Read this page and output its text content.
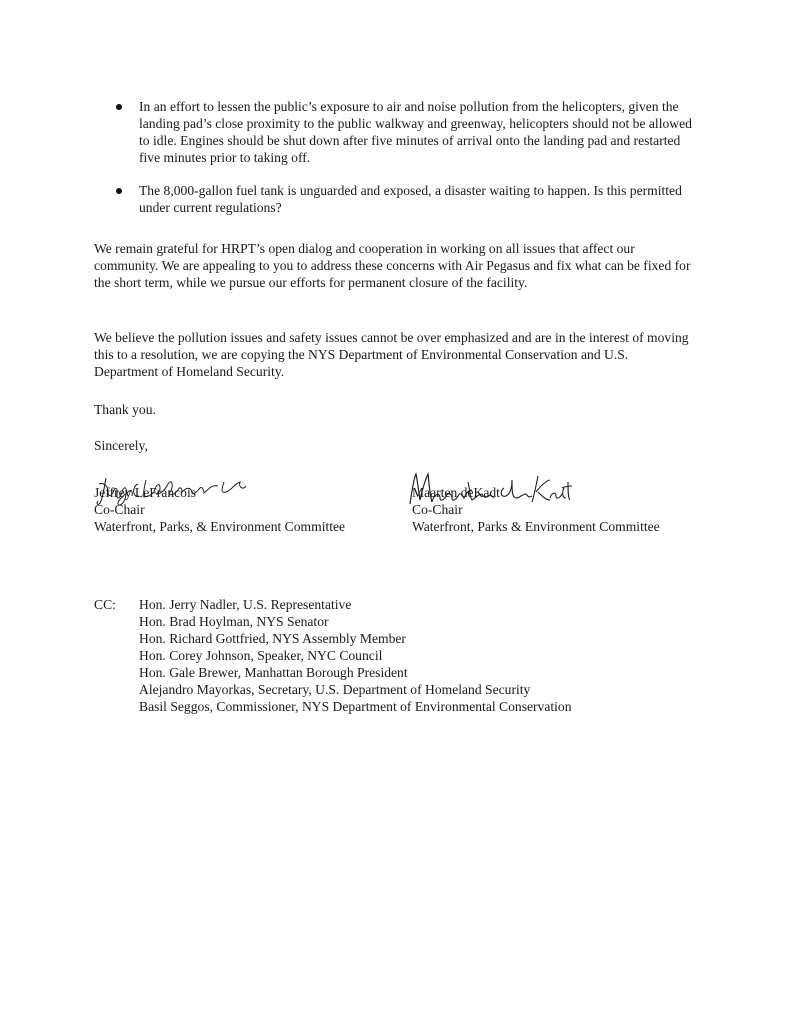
In an effort to lessen the public’s exposure to air and noise pollution from the helicopters, given the landing pad’s close proximity to the public walkway and greenway, helicopters should not be allowed to idle. Engines should be shut down after five minutes of arrival onto the landing pad and restarted five minutes prior to taking off.
The 8,000-gallon fuel tank is unguarded and exposed, a disaster waiting to happen. Is this permitted under current regulations?

We remain grateful for HRPT’s open dialog and cooperation in working on all issues that affect our community. We are appealing to you to address these concerns with Air Pegasus and fix what can be fixed for the short term, while we pursue our efforts for permanent closure of the facility.

We believe the pollution issues and safety issues cannot be over emphasized and are in the interest of moving this to a resolution, we are copying the NYS Department of Environmental Conservation and U.S. Department of Homeland Security.

Thank you.

Sincerely,

Jeffrey LeFrancois
Co-Chair
Waterfront, Parks, & Environment Committee
Maarten deKadt
Co-Chair
Waterfront, Parks & Environment Committee
CC: Hon. Jerry Nadler, U.S. Representative
Hon. Brad Hoylman, NYS Senator
Hon. Richard Gottfried, NYS Assembly Member
Hon. Corey Johnson, Speaker, NYC Council
Hon. Gale Brewer, Manhattan Borough President
Alejandro Mayorkas, Secretary, U.S. Department of Homeland Security
Basil Seggos, Commissioner, NYS Department of Environmental Conservation
